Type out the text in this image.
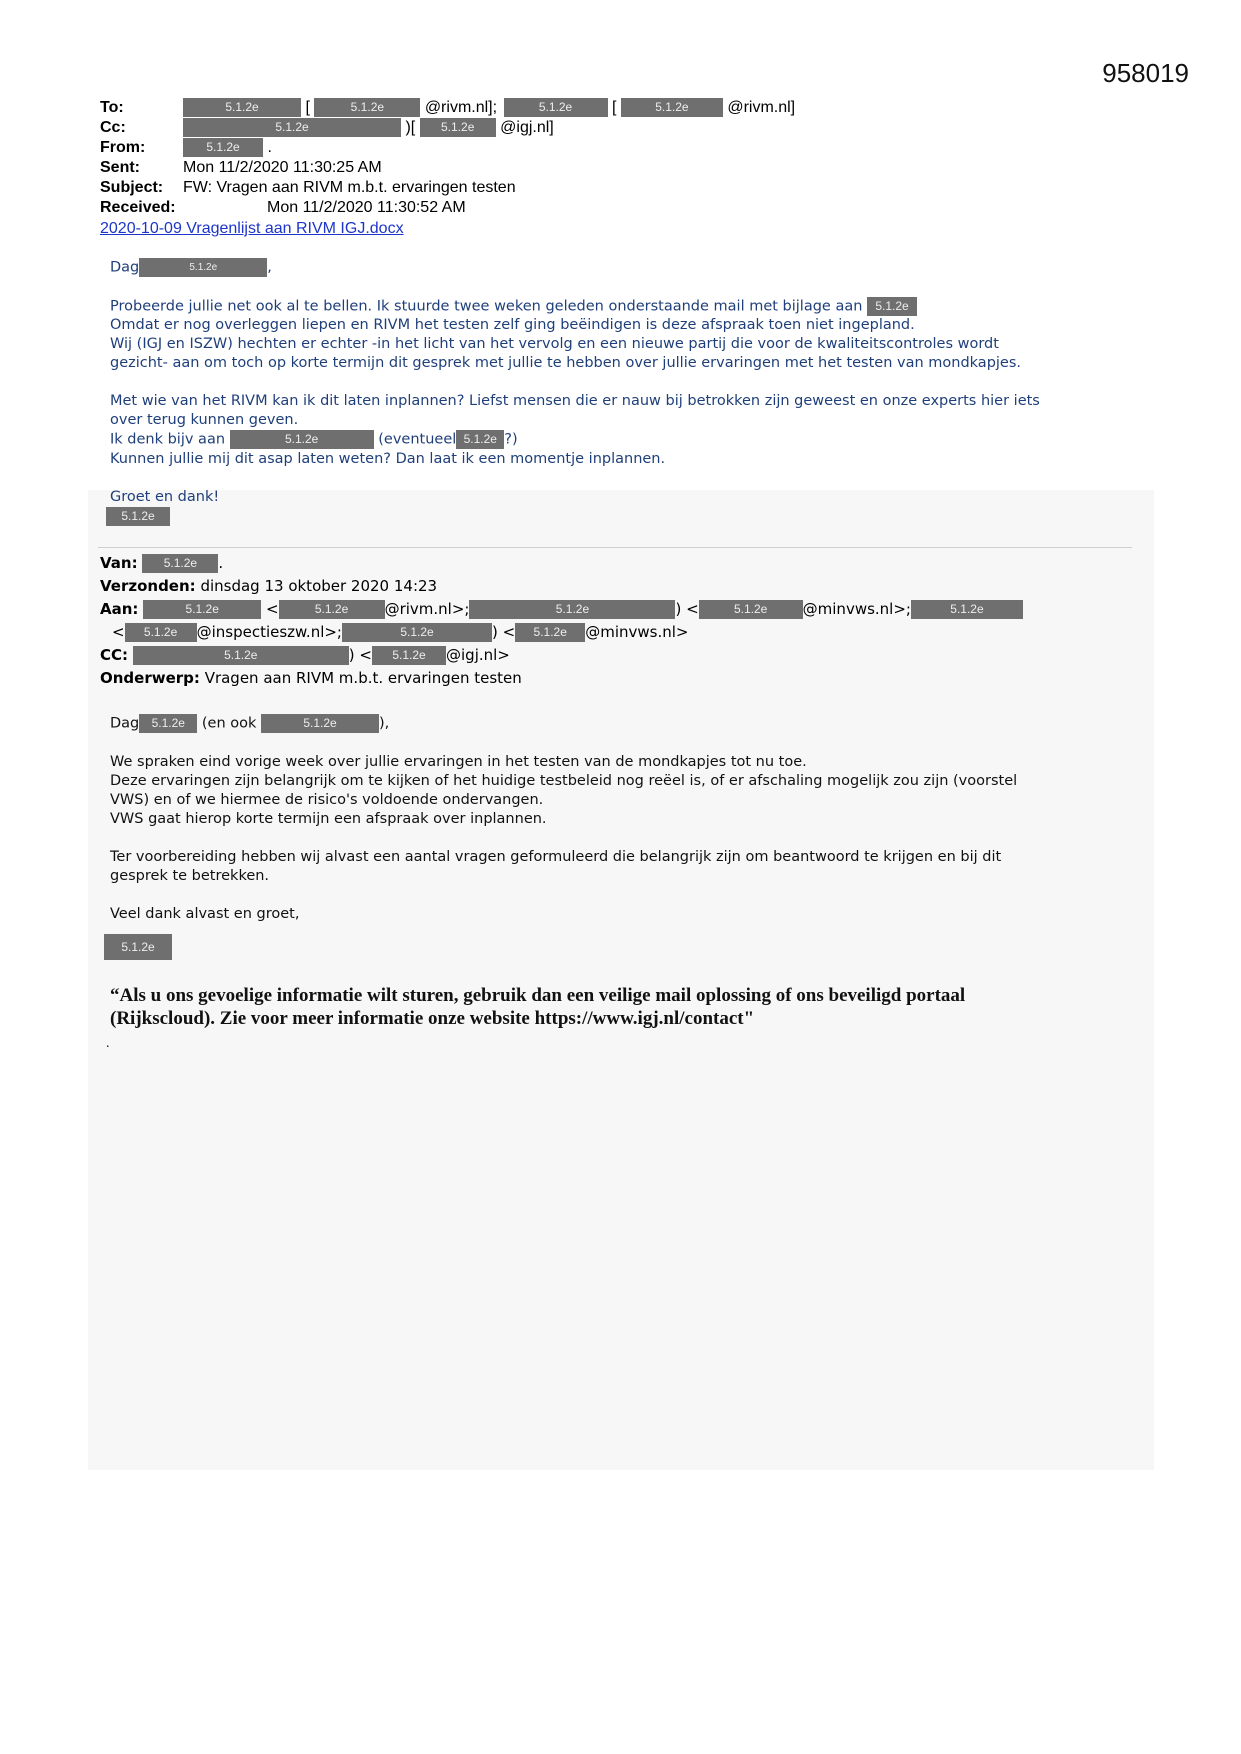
958019
To:	5.1.2e	[	5.1.2e	@rivm.nl];	5.1.2e [	5.1.2e @rivm.nl]
Cc:	5.1.2e	)[ 5.1.2e @igj.nl]
From:	5.1.2e .
Sent:	Mon 11/2/2020 11:30:25 AM
Subject:	FW: Vragen aan RIVM m.b.t. ervaringen testen
Received:	Mon 11/2/2020 11:30:52 AM
2020-10-09 Vragenlijst aan RIVM IGJ.docx

Dag	5.1.2e	,

Probeerde jullie net ook al te bellen. Ik stuurde twee weken geleden onderstaande mail met bijlage aan 5.1.2e

Omdat er nog overleggen liepen en RIVM het testen zelf ging beëindigen is deze afspraak toen niet ingepland.

Wij (IGJ en ISZW) hechten er echter -in het licht van het vervolg en een nieuwe partij die voor de kwaliteitscontroles wordt

gezicht- aan om toch op korte termijn dit gesprek met jullie te hebben over jullie ervaringen met het testen van mondkapjes.

Met wie van het RIVM kan ik dit laten inplannen? Liefst mensen die er nauw bij betrokken zijn geweest en onze experts hier iets

over terug kunnen geven.

Ik denk bijv aan	5.1.2e	(eventueel 5.1.2e ?)

Kunnen jullie mij dit asap laten weten? Dan laat ik een momentje inplannen.

Groet en dank!

5.1.2e

Van:
	5.1.2e	.
Verzonden:
dinsdag 13 oktober 2020 14:23
Aan:
	5.1.2e
	<	5.1.2e	@rivm.nl>;	5.1.2e	) <	5.1.2e	@minvws.nl>;	5.1.2e
<	5.1.2e	@inspectieszw.nl>;	5.1.2e	) <	5.1.2e	@minvws.nl>
CC:
	5.1.2e	) <	5.1.2e	@igj.nl>
Onderwerp:
Vragen aan RIVM m.b.t. ervaringen testen

Dag 5.1.2e (en ook	5.1.2e	),

We spraken eind vorige week over jullie ervaringen in het testen van de mondkapjes tot nu toe.

Deze ervaringen zijn belangrijk om te kijken of het huidige testbeleid nog reëel is, of er afschaling mogelijk zou zijn (voorstel

VWS) en of we hiermee de risico's voldoende ondervangen.

VWS gaat hierop korte termijn een afspraak over inplannen.

Ter voorbereiding hebben wij alvast een aantal vragen geformuleerd die belangrijk zijn om beantwoord te krijgen en bij dit

gesprek te betrekken.

Veel dank alvast en groet,

5.1.2e

“Als u ons gevoelige informatie wilt sturen, gebruik dan een veilige mail oplossing of ons beveiligd portaal (Rijkscloud). Zie voor meer informatie onze website https://www.igj.nl/contact"
.
